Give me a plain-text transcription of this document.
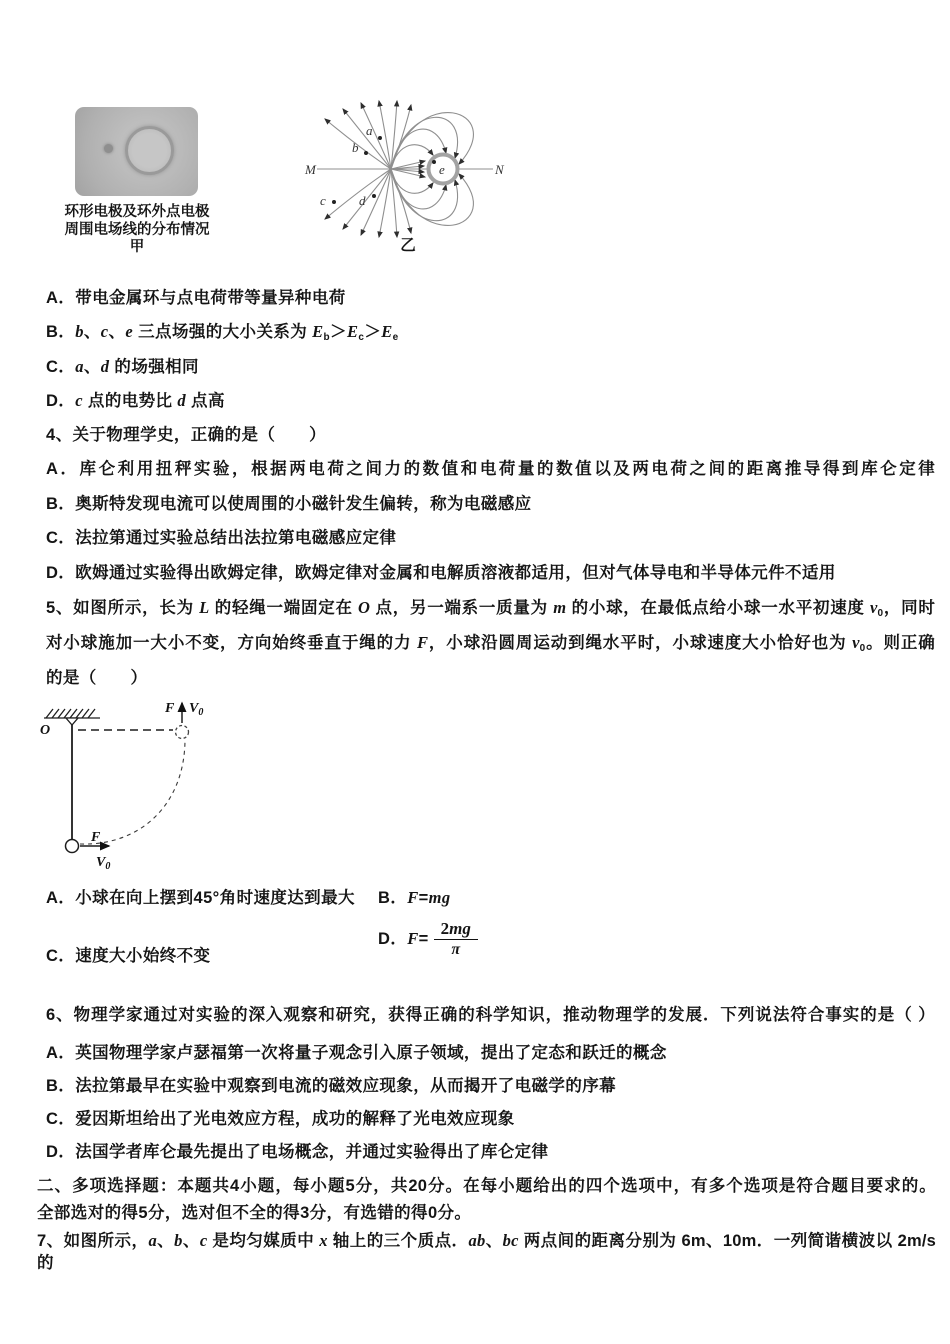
环形电极及环外点电极
周围电场线的分布情况
甲
M	N
a
b
c	d
e
乙
A．带电金属环与点电荷带等量异种电荷
B．b、c、e 三点场强的大小关系为 $E_b>E_c>E_e$
C．a、d 的场强相同
D．c 点的电势比 d 点高
4、关于物理学史，正确的是（　　）
A．库仑利用扭秤实验，根据两电荷之间力的数值和电荷量的数值以及两电荷之间的距离推导得到库仑定律
B．奥斯特发现电流可以使周围的小磁针发生偏转，称为电磁感应
C．法拉第通过实验总结出法拉第电磁感应定律
D．欧姆通过实验得出欧姆定律，欧姆定律对金属和电解质溶液都适用，但对气体导电和半导体元件不适用
5、如图所示，长为 L 的轻绳一端固定在 O 点，另一端系一质量为 m 的小球，在最低点给小球一水平初速度 $v_0$，同时
对小球施加一大小不变，方向始终垂直于绳的力 F，小球沿圆周运动到绳水平时，小球速度大小恰好也为 $v_0$。则正确
的是（　　）
O
F $V_0$
F
$V_0$
A．小球在向上摆到45°角时速度达到最大 B．F=mg
C．速度大小始终不变
D．$F= \frac{2mg}{\pi}$
6、物理学家通过对实验的深入观察和研究，获得正确的科学知识，推动物理学的发展．下列说法符合事实的是（ ）
A．英国物理学家卢瑟福第一次将量子观念引入原子领域，提出了定态和跃迁的概念
B．法拉第最早在实验中观察到电流的磁效应现象，从而揭开了电磁学的序幕
C．爱因斯坦给出了光电效应方程，成功的解释了光电效应现象
D．法国学者库仑最先提出了电场概念，并通过实验得出了库仑定律
二、多项选择题：本题共4小题，每小题5分，共20分。在每小题给出的四个选项中，有多个选项是符合题目要求的。
全部选对的得5分，选对但不全的得3分，有选错的得0分。
7、如图所示，a、b、c 是均匀媒质中 x 轴上的三个质点．ab、bc 两点间的距离分别为 6m、10m．一列简谐横波以 2m/s 的
